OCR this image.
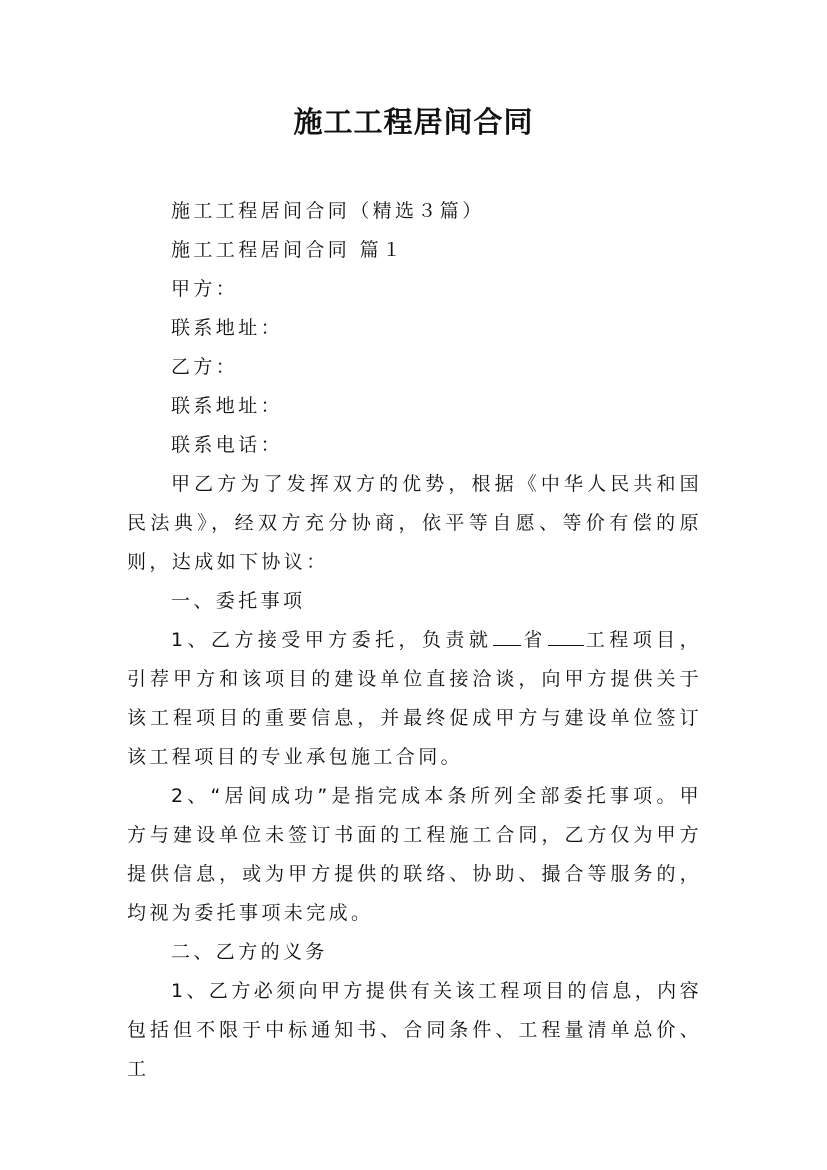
施工工程居间合同

施工工程居间合同（精选３篇）

施工工程居间合同 篇１

甲方：

联系地址：

乙方：

联系地址：

联系电话：

甲乙方为了发挥双方的优势，根据《中华人民共和国民法典》，经双方充分协商，依平等自愿、等价有偿的原则，达成如下协议：

一、委托事项

1、乙方接受甲方委托，负责就 省 工程项目，引荐甲方和该项目的建设单位直接洽谈，向甲方提供关于该工程项目的重要信息，并最终促成甲方与建设单位签订该工程项目的专业承包施工合同。

2、“居间成功”是指完成本条所列全部委托事项。甲方与建设单位未签订书面的工程施工合同，乙方仅为甲方提供信息，或为甲方提供的联络、协助、撮合等服务的，均视为委托事项未完成。

二、乙方的义务

1、乙方必须向甲方提供有关该工程项目的信息，内容包括但不限于中标通知书、合同条件、工程量清单总价、工
